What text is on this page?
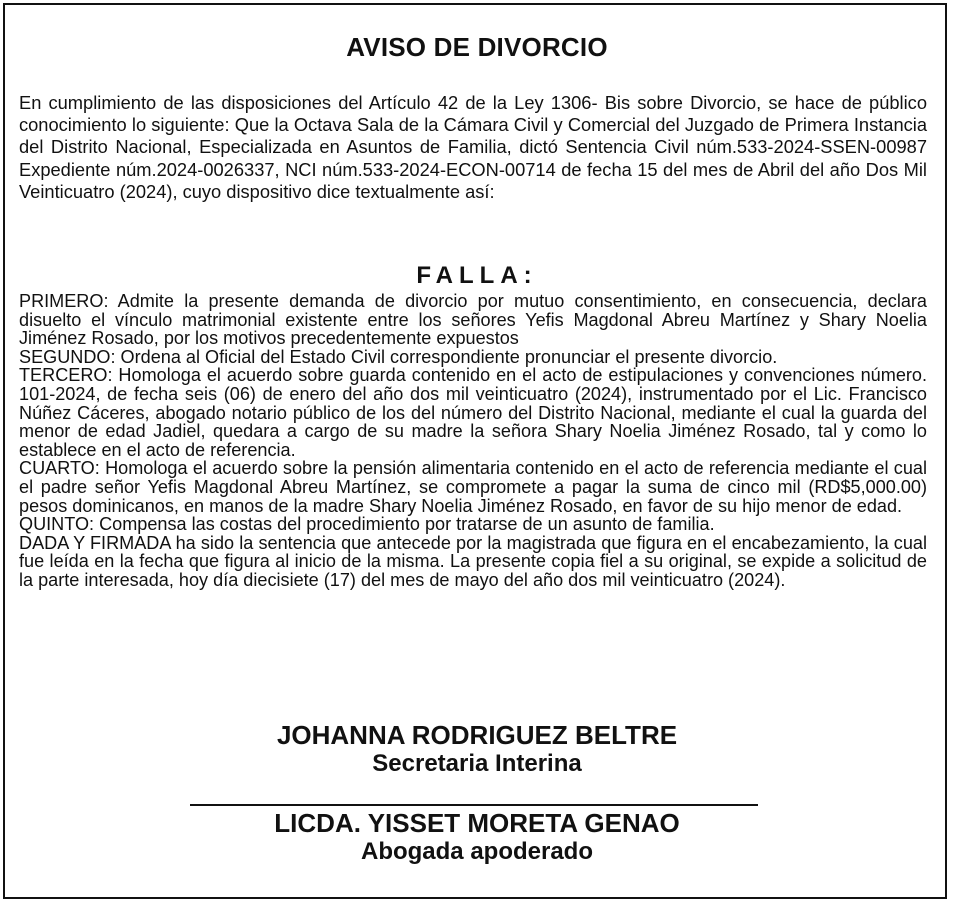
AVISO DE DIVORCIO
En cumplimiento de las disposiciones del Artículo 42 de la Ley 1306- Bis sobre Divorcio, se hace de público conocimiento lo siguiente: Que la Octava Sala de la Cámara Civil y Comercial del Juzgado de Primera Instancia del Distrito Nacional, Especializada en Asuntos de Familia, dictó Sentencia Civil núm.533-2024-SSEN-00987 Expediente núm.2024-0026337, NCI núm.533-2024-ECON-00714 de fecha 15 del mes de Abril del año Dos Mil Veinticuatro (2024), cuyo dispositivo dice textualmente así:
FALLA:
PRIMERO: Admite la presente demanda de divorcio por mutuo consentimiento, en consecuencia, declara disuelto el vínculo matrimonial existente entre los señores Yefis Magdonal Abreu Martínez y Shary Noelia Jiménez Rosado, por los motivos precedentemente expuestos
SEGUNDO: Ordena al Oficial del Estado Civil correspondiente pronunciar el presente divorcio.
TERCERO: Homologa el acuerdo sobre guarda contenido en el acto de estipulaciones y convenciones número. 101-2024, de fecha seis (06) de enero del año dos mil veinticuatro (2024), instrumentado por el Lic. Francisco Núñez Cáceres, abogado notario público de los del número del Distrito Nacional, mediante el cual la guarda del menor de edad Jadiel, quedara a cargo de su madre la señora Shary Noelia Jiménez Rosado, tal y como lo establece en el acto de referencia.
CUARTO: Homologa el acuerdo sobre la pensión alimentaria contenido en el acto de referencia mediante el cual el padre señor Yefis Magdonal Abreu Martínez, se compromete a pagar la suma de cinco mil (RD$5,000.00) pesos dominicanos, en manos de la madre Shary Noelia Jiménez Rosado, en favor de su hijo menor de edad.
QUINTO: Compensa las costas del procedimiento por tratarse de un asunto de familia.
DADA Y FIRMADA ha sido la sentencia que antecede por la magistrada que figura en el encabezamiento, la cual fue leída en la fecha que figura al inicio de la misma. La presente copia fiel a su original, se expide a solicitud de la parte interesada, hoy día diecisiete (17) del mes de mayo del año dos mil veinticuatro (2024).
JOHANNA RODRIGUEZ BELTRE
Secretaria Interina
LICDA. YISSET MORETA GENAO
Abogada apoderado
